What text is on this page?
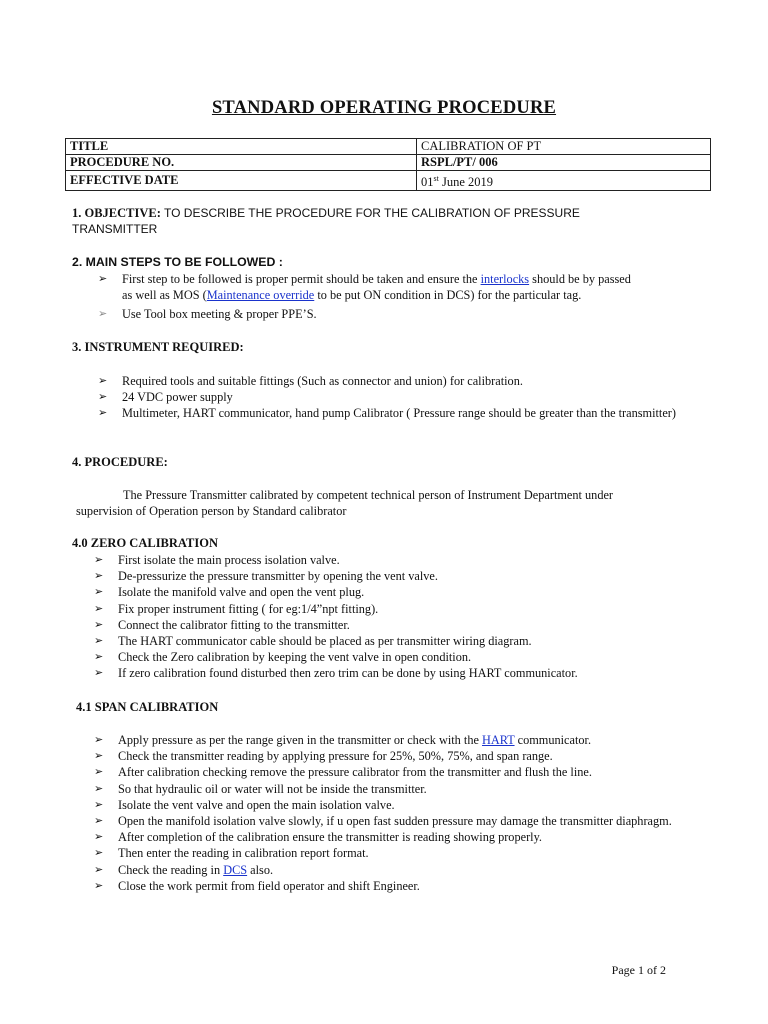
STANDARD OPERATING PROCEDURE
TITLE	CALIBRATION OF PT
PROCEDURE NO.	RSPL/PT/ 006
EFFECTIVE DATE	01st June 2019
1. OBJECTIVE: TO DESCRIBE THE PROCEDURE FOR THE CALIBRATION OF PRESSURE
TRANSMITTER
2. MAIN STEPS TO BE FOLLOWED :
➢	First step to be followed is proper permit should be taken and ensure the interlocks should be by passed
as well as MOS (Maintenance override to be put ON condition in DCS) for the particular tag.
➢	Use Tool box meeting & proper PPE’S.
3. INSTRUMENT REQUIRED:
➢	Required tools and suitable fittings (Such as connector and union) for calibration.
➢	24 VDC power supply
➢	Multimeter, HART communicator, hand pump Calibrator ( Pressure range should be greater than the transmitter)
4. PROCEDURE:
The Pressure Transmitter calibrated by competent technical person of Instrument Department under
supervision of Operation person by Standard calibrator
4.0 ZERO CALIBRATION
➢	First isolate the main process isolation valve.
➢	De-pressurize the pressure transmitter by opening the vent valve.
➢	Isolate the manifold valve and open the vent plug.
➢	Fix proper instrument fitting ( for eg:1/4”npt fitting).
➢	Connect the calibrator fitting to the transmitter.
➢	The HART communicator cable should be placed as per transmitter wiring diagram.
➢	Check the Zero calibration by keeping the vent valve in open condition.
➢	If zero calibration found disturbed then zero trim can be done by using HART communicator.
4.1 SPAN CALIBRATION
➢	Apply pressure as per the range given in the transmitter or check with the HART communicator.
➢	Check the transmitter reading by applying pressure for 25%, 50%, 75%, and span range.
➢	After calibration checking remove the pressure calibrator from the transmitter and flush the line.
➢	So that hydraulic oil or water will not be inside the transmitter.
➢	Isolate the vent valve and open the main isolation valve.
➢	Open the manifold isolation valve slowly, if u open fast sudden pressure may damage the transmitter diaphragm.
➢	After completion of the calibration ensure the transmitter is reading showing properly.
➢	Then enter the reading in calibration report format.
➢	Check the reading in DCS also.
➢	Close the work permit from field operator and shift Engineer.
Page 1 of 2
